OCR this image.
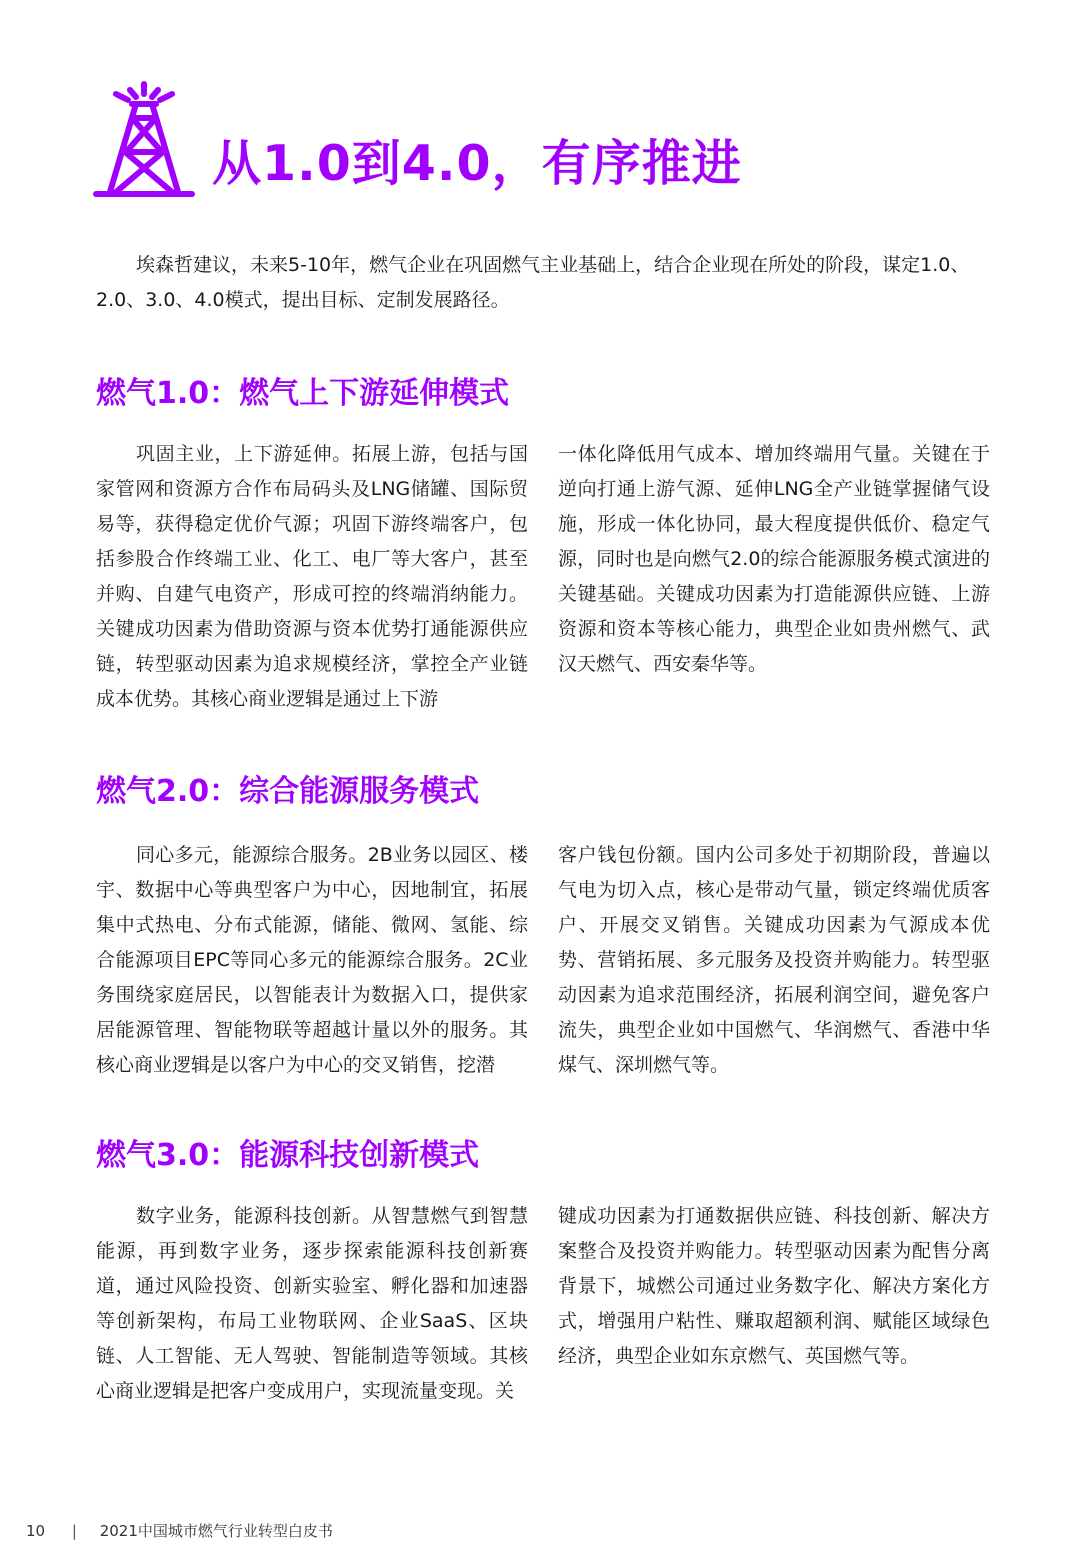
从1.0到4.0，有序推进

埃森哲建议，未来5-10年，燃气企业在巩固燃气主业基础上，结合企业现在所处的阶段，谋定1.0、2.0、3.0、4.0模式，提出目标、定制发展路径。

燃气1.0：燃气上下游延伸模式

巩固主业，上下游延伸。拓展上游，包括与国家管网和资源方合作布局码头及LNG储罐、国际贸易等，获得稳定优价气源；巩固下游终端客户，包括参股合作终端工业、化工、电厂等大客户，甚至并购、自建气电资产，形成可控的终端消纳能力。关键成功因素为借助资源与资本优势打通能源供应链，转型驱动因素为追求规模经济，掌控全产业链成本优势。其核心商业逻辑是通过上下游

一体化降低用气成本、增加终端用气量。关键在于逆向打通上游气源、延伸LNG全产业链掌握储气设施，形成一体化协同，最大程度提供低价、稳定气源，同时也是向燃气2.0的综合能源服务模式演进的关键基础。关键成功因素为打造能源供应链、上游资源和资本等核心能力，典型企业如贵州燃气、武汉天燃气、西安秦华等。

燃气2.0：综合能源服务模式

同心多元，能源综合服务。2B业务以园区、楼宇、数据中心等典型客户为中心，因地制宜，拓展集中式热电、分布式能源，储能、微网、氢能、综合能源项目EPC等同心多元的能源综合服务。2C业务围绕家庭居民，以智能表计为数据入口，提供家居能源管理、智能物联等超越计量以外的服务。其核心商业逻辑是以客户为中心的交叉销售，挖潜

客户钱包份额。国内公司多处于初期阶段，普遍以气电为切入点，核心是带动气量，锁定终端优质客户、开展交叉销售。关键成功因素为气源成本优势、营销拓展、多元服务及投资并购能力。转型驱动因素为追求范围经济，拓展利润空间，避免客户流失，典型企业如中国燃气、华润燃气、香港中华煤气、深圳燃气等。

燃气3.0：能源科技创新模式

数字业务，能源科技创新。从智慧燃气到智慧能源，再到数字业务，逐步探索能源科技创新赛道，通过风险投资、创新实验室、孵化器和加速器等创新架构，布局工业物联网、企业SaaS、区块链、人工智能、无人驾驶、智能制造等领域。其核心商业逻辑是把客户变成用户，实现流量变现。关

键成功因素为打通数据供应链、科技创新、解决方案整合及投资并购能力。转型驱动因素为配售分离背景下，城燃公司通过业务数字化、解决方案化方式，增强用户粘性、赚取超额利润、赋能区域绿色经济，典型企业如东京燃气、英国燃气等。

10 | 2021中国城市燃气行业转型白皮书
